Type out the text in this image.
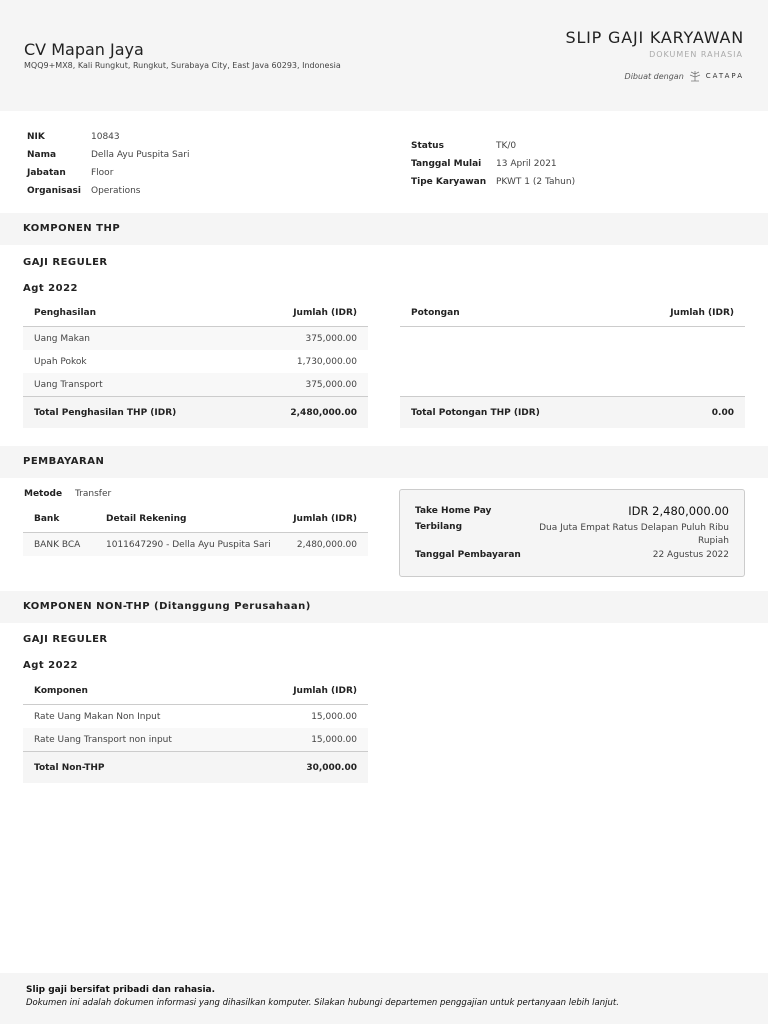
CV Mapan Jaya
MQQ9+MX8, Kali Rungkut, Rungkut, Surabaya City, East Java 60293, Indonesia
SLIP GAJI KARYAWAN
DOKUMEN RAHASIA
Dibuat dengan	CATAPA
NIK	10843
Nama	Della Ayu Puspita Sari
Jabatan	Floor
Organisasi	Operations
Status	TK/0
Tanggal Mulai	13 April 2021
Tipe Karyawan	PKWT 1 (2 Tahun)
KOMPONEN THP
GAJI REGULER
Agt 2022
Penghasilan	Jumlah (IDR)
Uang Makan	375,000.00
Upah Pokok	1,730,000.00
Uang Transport	375,000.00
Total Penghasilan THP (IDR)	2,480,000.00
Potongan	Jumlah (IDR)
Total Potongan THP (IDR)	0.00
PEMBAYARAN
Metode	Transfer
Bank	Detail Rekening	Jumlah (IDR)
BANK BCA	1011647290 - Della Ayu Puspita Sari	2,480,000.00
Take Home Pay	IDR 2,480,000.00
Terbilang	Dua Juta Empat Ratus Delapan Puluh Ribu
Rupiah
Tanggal Pembayaran	22 Agustus 2022
KOMPONEN NON-THP (Ditanggung Perusahaan)
GAJI REGULER
Agt 2022
Komponen	Jumlah (IDR)
Rate Uang Makan Non Input	15,000.00
Rate Uang Transport non input	15,000.00
Total Non-THP	30,000.00
Slip gaji bersifat pribadi dan rahasia.
Dokumen ini adalah dokumen informasi yang dihasilkan komputer. Silakan hubungi departemen penggajian untuk pertanyaan lebih lanjut.
